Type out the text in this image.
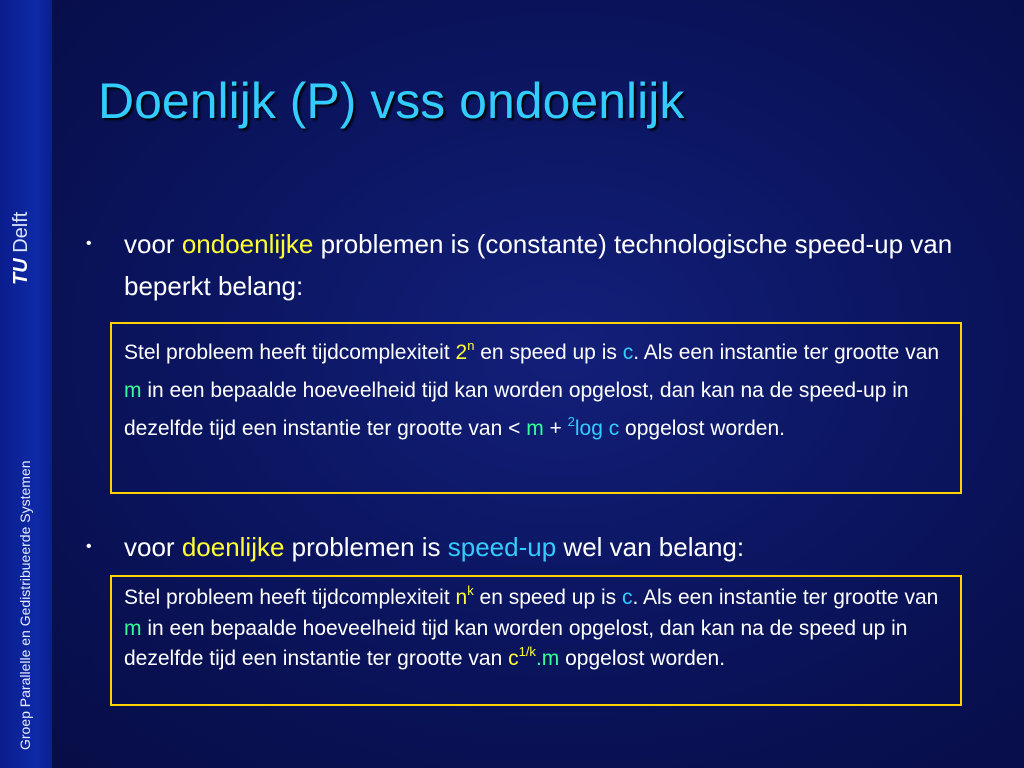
TU Delft
Groep Parallelle en Gedistribueerde Systemen
Doenlijk (P) vss ondoenlijk
• voor ondoenlijke problemen is (constante) technologische speed-up van beperkt belang:
Stel probleem heeft tijdcomplexiteit 2$^n$ en speed up is c. Als een instantie ter grootte van m in een bepaalde hoeveelheid tijd kan worden opgelost, dan kan na de speed-up in dezelfde tijd een instantie ter grootte van < m + $^2$log c opgelost worden.
• voor doenlijke problemen is speed-up wel van belang:
Stel probleem heeft tijdcomplexiteit $n^k$ en speed up is c. Als een instantie ter grootte van m in een bepaalde hoeveelheid tijd kan worden opgelost, dan kan na de speed up in dezelfde tijd een instantie ter grootte van $c^{1/k}.m$ opgelost worden.
